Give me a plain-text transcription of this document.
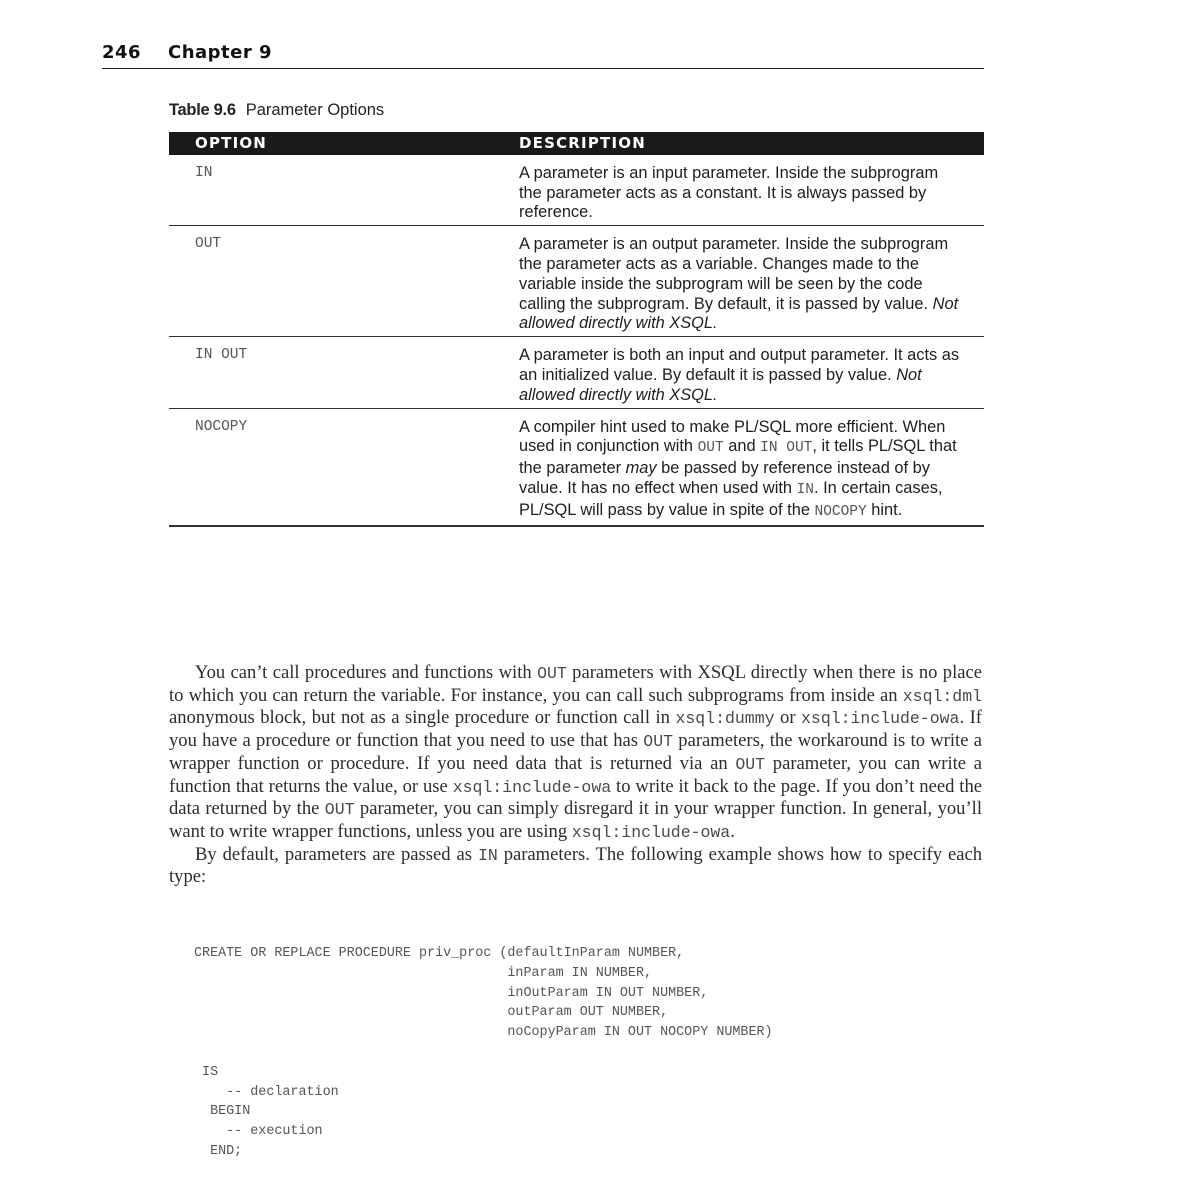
246 Chapter 9
Table 9.6 Parameter Options
OPTION	DESCRIPTION
IN	A parameter is an input parameter. Inside the subprogram the parameter acts as a constant. It is always passed by reference.
OUT	A parameter is an output parameter. Inside the subprogram the parameter acts as a variable. Changes made to the variable inside the subprogram will be seen by the code calling the subprogram. By default, it is passed by value. Not allowed directly with XSQL.
IN OUT	A parameter is both an input and output parameter. It acts as an initialized value. By default it is passed by value. Not allowed directly with XSQL.
NOCOPY	A compiler hint used to make PL/SQL more efficient. When used in conjunction with OUT and IN OUT, it tells PL/SQL that the parameter may be passed by reference instead of by value. It has no effect when used with IN. In certain cases, PL/SQL will pass by value in spite of the NOCOPY hint.

You can’t call procedures and functions with OUT parameters with XSQL directly when there is no place to which you can return the variable. For instance, you can call such subprograms from inside an xsql:dml anonymous block, but not as a single procedure or function call in xsql:dummy or xsql:include-owa. If you have a procedure or function that you need to use that has OUT parameters, the workaround is to write a wrapper function or procedure. If you need data that is returned via an OUT parameter, you can write a function that returns the value, or use xsql:include-owa to write it back to the page. If you don’t need the data returned by the OUT parameter, you can simply disregard it in your wrapper function. In general, you’ll want to write wrapper functions, unless you are using xsql:include-owa.

By default, parameters are passed as IN parameters. The following example shows how to specify each type:

CREATE OR REPLACE PROCEDURE priv_proc (defaultInParam NUMBER,
inParam IN NUMBER,
inOutParam IN OUT NUMBER,
outParam OUT NUMBER,
noCopyParam IN OUT NOCOPY NUMBER)

IS
-- declaration
BEGIN
-- execution
END;
